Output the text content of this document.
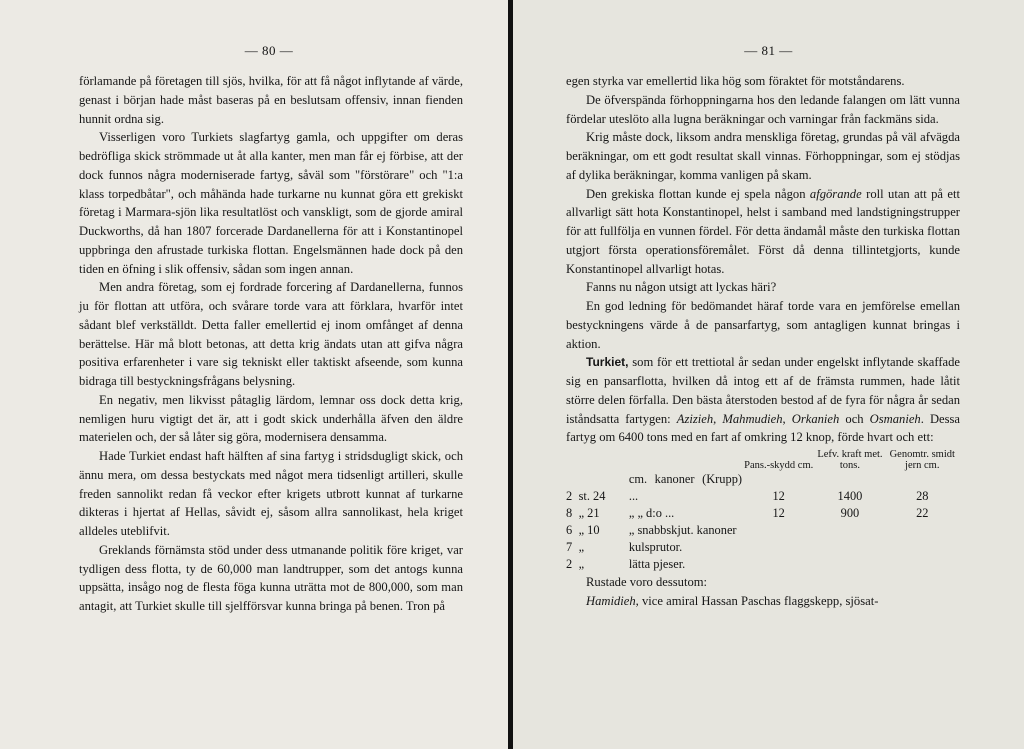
— 80 —

förlamande på företagen till sjös, hvilka, för att få något inflytande af värde, genast i början hade måst baseras på en beslutsam offensiv, innan fienden hunnit ordna sig.

Visserligen voro Turkiets slagfartyg gamla, och uppgifter om deras bedröfliga skick strömmade ut åt alla kanter, men man får ej förbise, att der dock funnos några moderniserade fartyg, såväl som "förstörare" och "1:a klass torpedbåtar", och måhända hade turkarne nu kunnat göra ett grekiskt företag i Marmara-sjön lika resultatlöst och vanskligt, som de gjorde amiral Duckworths, då han 1807 forcerade Dardanellerna för att i Konstantinopel uppbringa den afrustade turkiska flottan. Engelsmännen hade dock på den tiden en öfning i slik offensiv, sådan som ingen annan.

Men andra företag, som ej fordrade forcering af Dardanellerna, funnos ju för flottan att utföra, och svårare torde vara att förklara, hvarför intet sådant blef verkställdt. Detta faller emellertid ej inom omfånget af denna berättelse. Här må blott betonas, att detta krig ändats utan att gifva några positiva erfarenheter i vare sig tekniskt eller taktiskt afseende, som kunna bidraga till bestyckningsfrågans belysning.

En negativ, men likvisst påtaglig lärdom, lemnar oss dock detta krig, nemligen huru vigtigt det är, att i godt skick underhålla äfven den äldre materielen och, der så låter sig göra, modernisera densamma.

Hade Turkiet endast haft hälften af sina fartyg i stridsdugligt skick, och ännu mera, om dessa bestyckats med något mera tidsenligt artilleri, skulle freden sannolikt redan få veckor efter krigets utbrott kunnat af turkarne dikteras i hjertat af Hellas, såvidt ej, såsom allra sannolikast, hela kriget alldeles uteblifvit.

Greklands förnämsta stöd under dess utmanande politik före kriget, var tydligen dess flotta, ty de 60,000 man landtrupper, som det antogs kunna uppsätta, insågo nog de flesta föga kunna uträtta mot de 800,000, som man antagit, att Turkiet skulle till sjelfförsvar kunna bringa på benen. Tron på

— 81 —

egen styrka var emellertid lika hög som föraktet för motståndarens.

De öfverspända förhoppningarna hos den ledande falangen om lätt vunna fördelar uteslöto alla lugna beräkningar och varningar från fackmäns sida.

Krig måste dock, liksom andra menskliga företag, grundas på väl afvägda beräkningar, om ett godt resultat skall vinnas. Förhoppningar, som ej stödjas af dylika beräkningar, komma vanligen på skam.

Den grekiska flottan kunde ej spela någon afgörande roll utan att på ett allvarligt sätt hota Konstantinopel, helst i samband med landstigningstrupper för att fullfölja en vunnen fördel. För detta ändamål måste den turkiska flottan utgjort första operationsföremålet. Först då denna tillintetgjorts, kunde Konstantinopel allvarligt hotas.

Fanns nu någon utsigt att lyckas häri?

En god ledning för bedömandet häraf torde vara en jemförelse emellan bestyckningens värde å de pansarfartyg, som antagligen kunnat bringas i aktion.

Turkiet, som för ett trettiotal år sedan under engelskt inflytande skaffade sig en pansarflotta, hvilken då intog ett af de främsta rummen, hade låtit större delen förfalla. Den bästa återstoden bestod af de fyra för några år sedan iståndsatta fartygen: Azizieh, Mahmudieh, Orkanieh och Osmanieh. Dessa fartyg om 6400 tons med en fart af omkring 12 knop, förde hvart och ett:

			Pans.-skydd cm.	Lefv. kraft met. tons.	Genomtr. smidt jern cm.
2	st. 24	cm. kanoner (Krupp) ...	12	1400	28
8	„ 21	„ „ d:o ...	12	900	22
6	„ 10	„ snabbskjut. kanoner			
7	„	kulsprutor.			
2	„	lätta pjeser.			

Rustade voro dessutom:

Hamidieh, vice amiral Hassan Paschas flaggskepp, sjösat-
